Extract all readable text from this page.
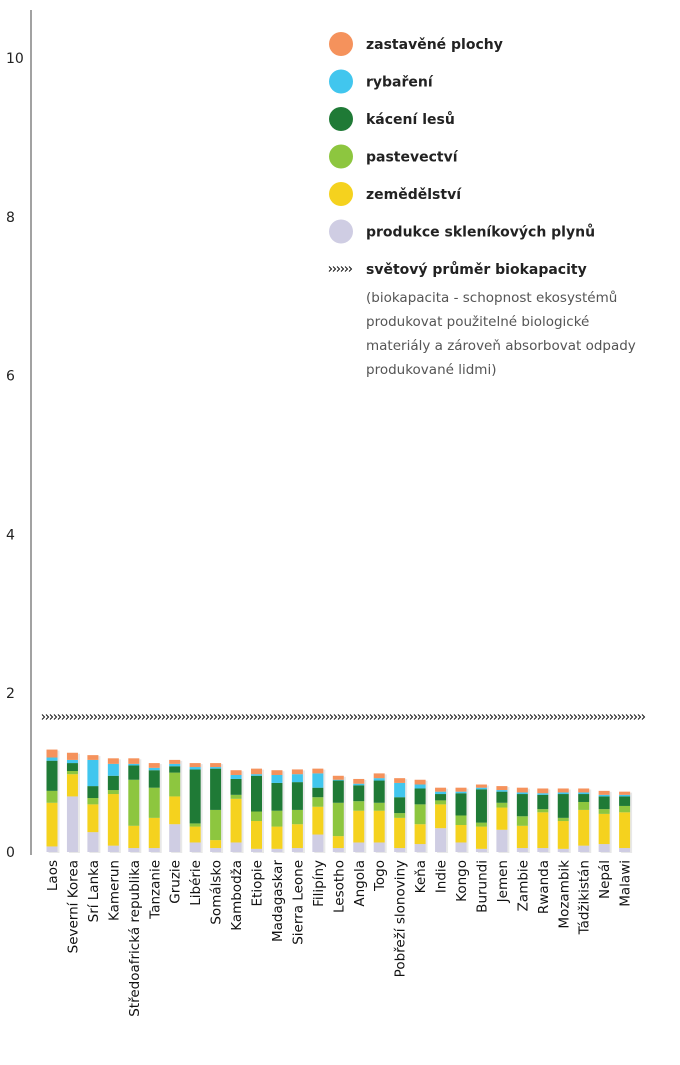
0
2
4
6
8
10
Laos Severní Korea Srí Lanka Kamerun Středoafrická republika Tanzanie Gruzie Libérie Somálsko Kambodža Etiopie Madagaskar Sierra Leone Filipíny Lesotho Angola Togo Pobřeží slonoviny Keňa Indie Kongo Burundi Jemen Zambie Rwanda Mozambik Tádžikistán Nepál Malawi
zastavěné plochy
rybaření
kácení lesů
pastevectví
zemědělství
produkce skleníkových plynů
světový průměr biokapacity
(biokapacita - schopnost ekosystémů produkovat použitelné biologické materiály a zároveň absorbovat odpady produkované lidmi)
